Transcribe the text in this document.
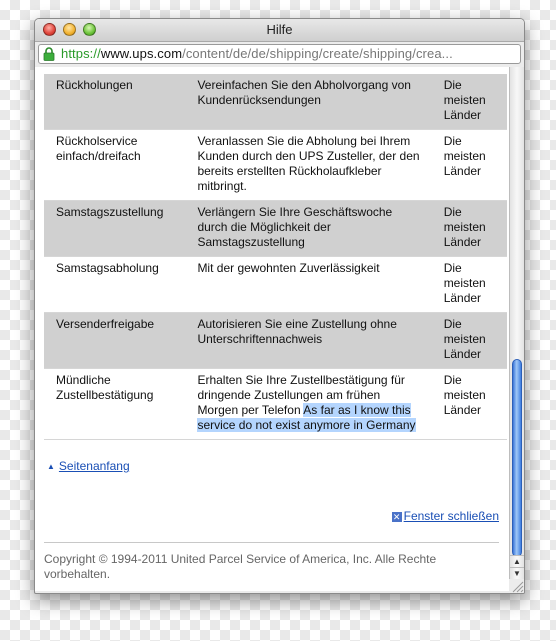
Hilfe
https://www.ups.com/content/de/de/shipping/create/shipping/crea...
Rückholungen	Vereinfachen Sie den Abholvorgang von Kundenrücksendungen	Die meisten Länder
Rückholservice einfach/dreifach	Veranlassen Sie die Abholung bei Ihrem Kunden durch den UPS Zusteller, der den bereits erstellten Rückholaufkleber mitbringt.	Die meisten Länder
Samstagszustellung	Verlängern Sie Ihre Geschäftswoche durch die Möglichkeit der Samstagszustellung	Die meisten Länder
Samstagsabholung	Mit der gewohnten Zuverlässigkeit	Die meisten Länder
Versenderfreigabe	Autorisieren Sie eine Zustellung ohne Unterschriftennachweis	Die meisten Länder
Mündliche Zustellbestätigung	Erhalten Sie Ihre Zustellbestätigung für dringende Zustellungen am frühen Morgen per Telefon As far as I know this service do not exist anymore in Germany	Die meisten Länder
▲ Seitenanfang
✕ Fenster schließen
Copyright © 1994-2011 United Parcel Service of America, Inc. Alle Rechte vorbehalten.
▲
▼
